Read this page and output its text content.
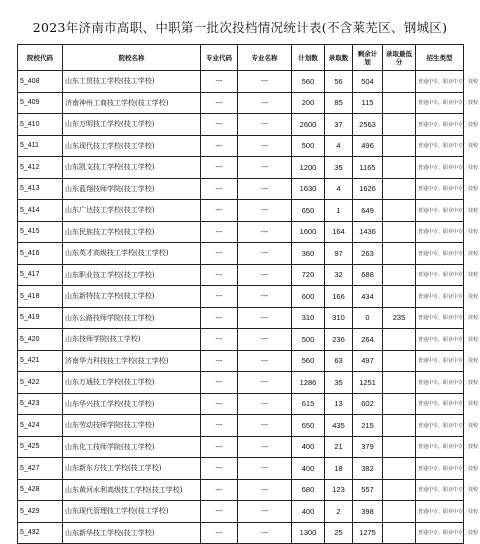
2023年济南市高职、中职第一批次投档情况统计表(不含莱芜区、钢城区)
院校代码	院校名称	专业代码	专业名称	计划数	录取数	剩余计划	录取最低分	招生类型
5_408	山东工贸技工学校(技工学校)	---	---	560	56	504		普通中专、职业中专、技校
5_409	济南神州工商技工学校(技工学校)	---	---	200	85	115		普通中专、职业中专、技校
5_410	山东万明技工学校(技工学校)	---	---	2600	37	2563		普通中专、职业中专、技校
5_411	山东现代技工学校(技工学校)	---	---	500	4	496		普通中专、职业中专、技校
5_412	山东凯文技工学校(技工学校)	---	---	1200	35	1165		普通中专、职业中专、技校
5_413	山东蓝翔技师学院(技工学校)	---	---	1630	4	1626		普通中专、职业中专、技校
5_414	山东广达技工学校(技工学校)	---	---	650	1	649		普通中专、职业中专、技校
5_415	山东民族技工学校(技工学校)	---	---	1600	164	1436		普通中专、职业中专、技校
5_416	山东英才高级技工学校(技工学校)	---	---	360	97	263		普通中专、职业中专、技校
5_417	山东职业技工学校(技工学校)	---	---	720	32	688		普通中专、职业中专、技校
5_418	山东新特技工学校(技工学校)	---	---	600	166	434		普通中专、职业中专、技校
5_419	山东公路技师学院(技工学校)	---	---	310	310	0	235	普通中专、职业中专、技校
5_420	山东技师学院(技工学校)	---	---	500	236	264		普通中专、职业中专、技校
5_421	济南华力科技技工学校(技工学校)	---	---	560	63	497		普通中专、职业中专、技校
5_422	山东万通技工学校(技工学校)	---	---	1286	35	1251		普通中专、职业中专、技校
5_423	山东华兴技工学校(技工学校)	---	---	615	13	602		普通中专、职业中专、技校
5_424	山东劳动技师学院(技工学校)	---	---	650	435	215		普通中专、职业中专、技校
5_425	山东化工技师学院(技工学校)	---	---	400	21	379		普通中专、职业中专、技校
5_427	山东新东方技工学校(技工学校)	---	---	400	18	382		普通中专、职业中专、技校
5_428	山东黄河水利高级技工学校(技工学校)	---	---	680	123	557		普通中专、职业中专、技校
5_429	山东现代管理技工学校(技工学校)	---	---	400	2	398		普通中专、职业中专、技校
5_432	山东新华技工学校(技工学校)	---	---	1300	25	1275		普通中专、职业中专、技校
